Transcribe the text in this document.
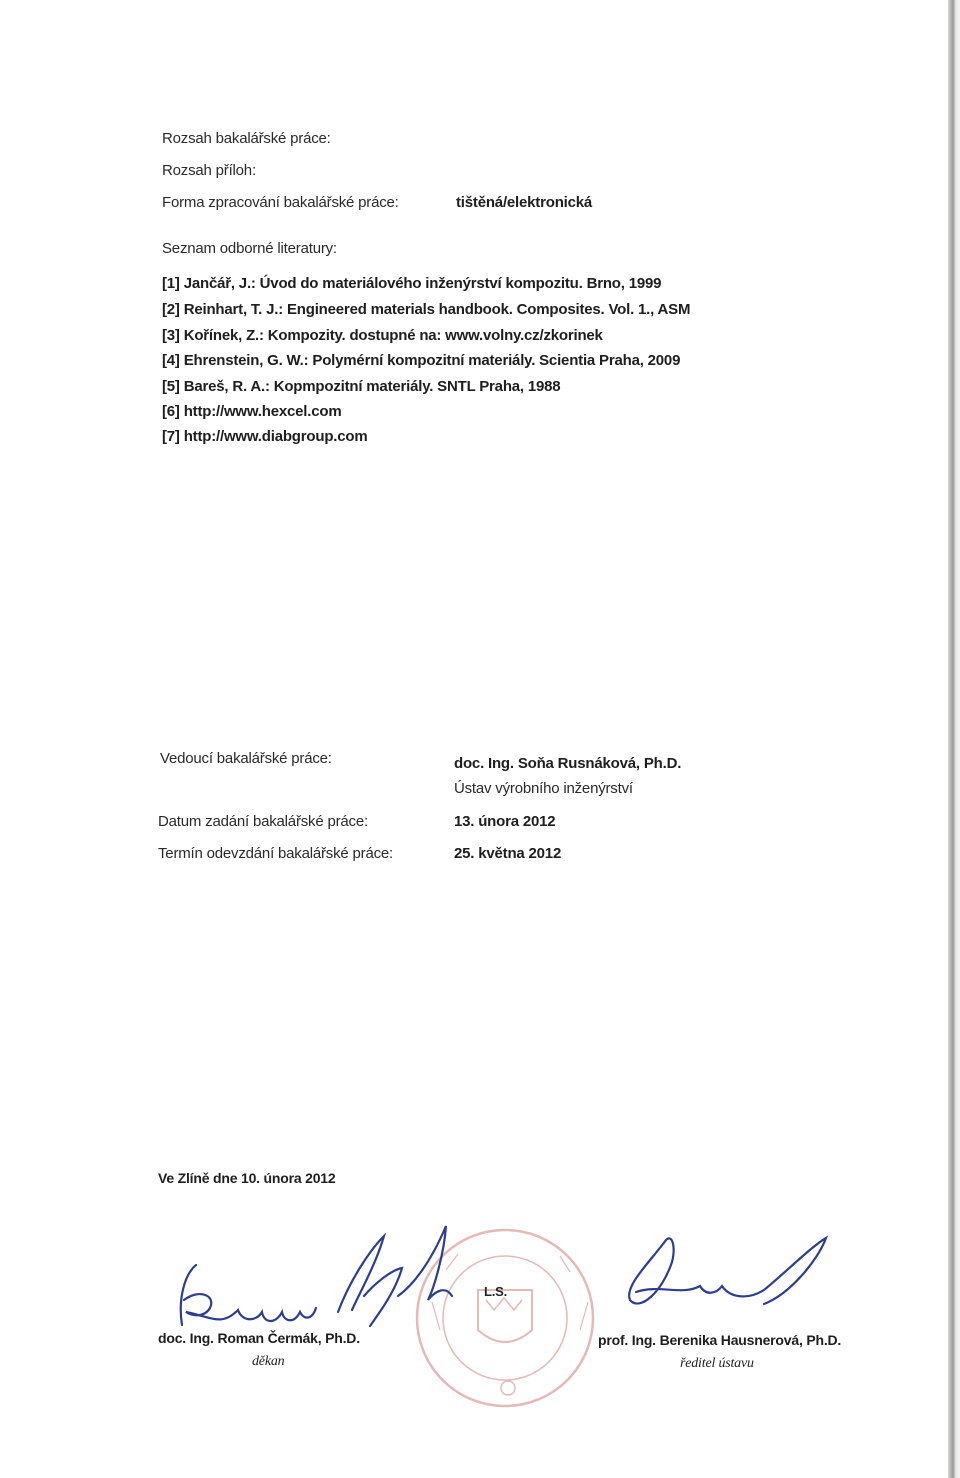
Rozsah bakalářské práce:
Rozsah příloh:
Forma zpracování bakalářské práce:	tištěná/elektronická
Seznam odborné literatury:
[1] Jančář, J.: Úvod do materiálového inženýrství kompozitu. Brno, 1999
[2] Reinhart, T. J.: Engineered materials handbook. Composites. Vol. 1., ASM
[3] Kořínek, Z.: Kompozity. dostupné na: www.volny.cz/zkorinek
[4] Ehrenstein, G. W.: Polymérní kompozitní materiály. Scientia Praha, 2009
[5] Bareš, R. A.: Kopmpozitní materiály. SNTL Praha, 1988
[6] http://www.hexcel.com
[7] http://www.diabgroup.com
Vedoucí bakalářské práce:	doc. Ing. Soňa Rusnáková, Ph.D.
Ústav výrobního inženýrství
Datum zadání bakalářské práce:	13. února 2012
Termín odevzdání bakalářské práce:	25. května 2012
Ve Zlíně dne 10. února 2012
L.S.
doc. Ing. Roman Čermák, Ph.D.
děkan
prof. Ing. Berenika Hausnerová, Ph.D.
ředitel ústavu
